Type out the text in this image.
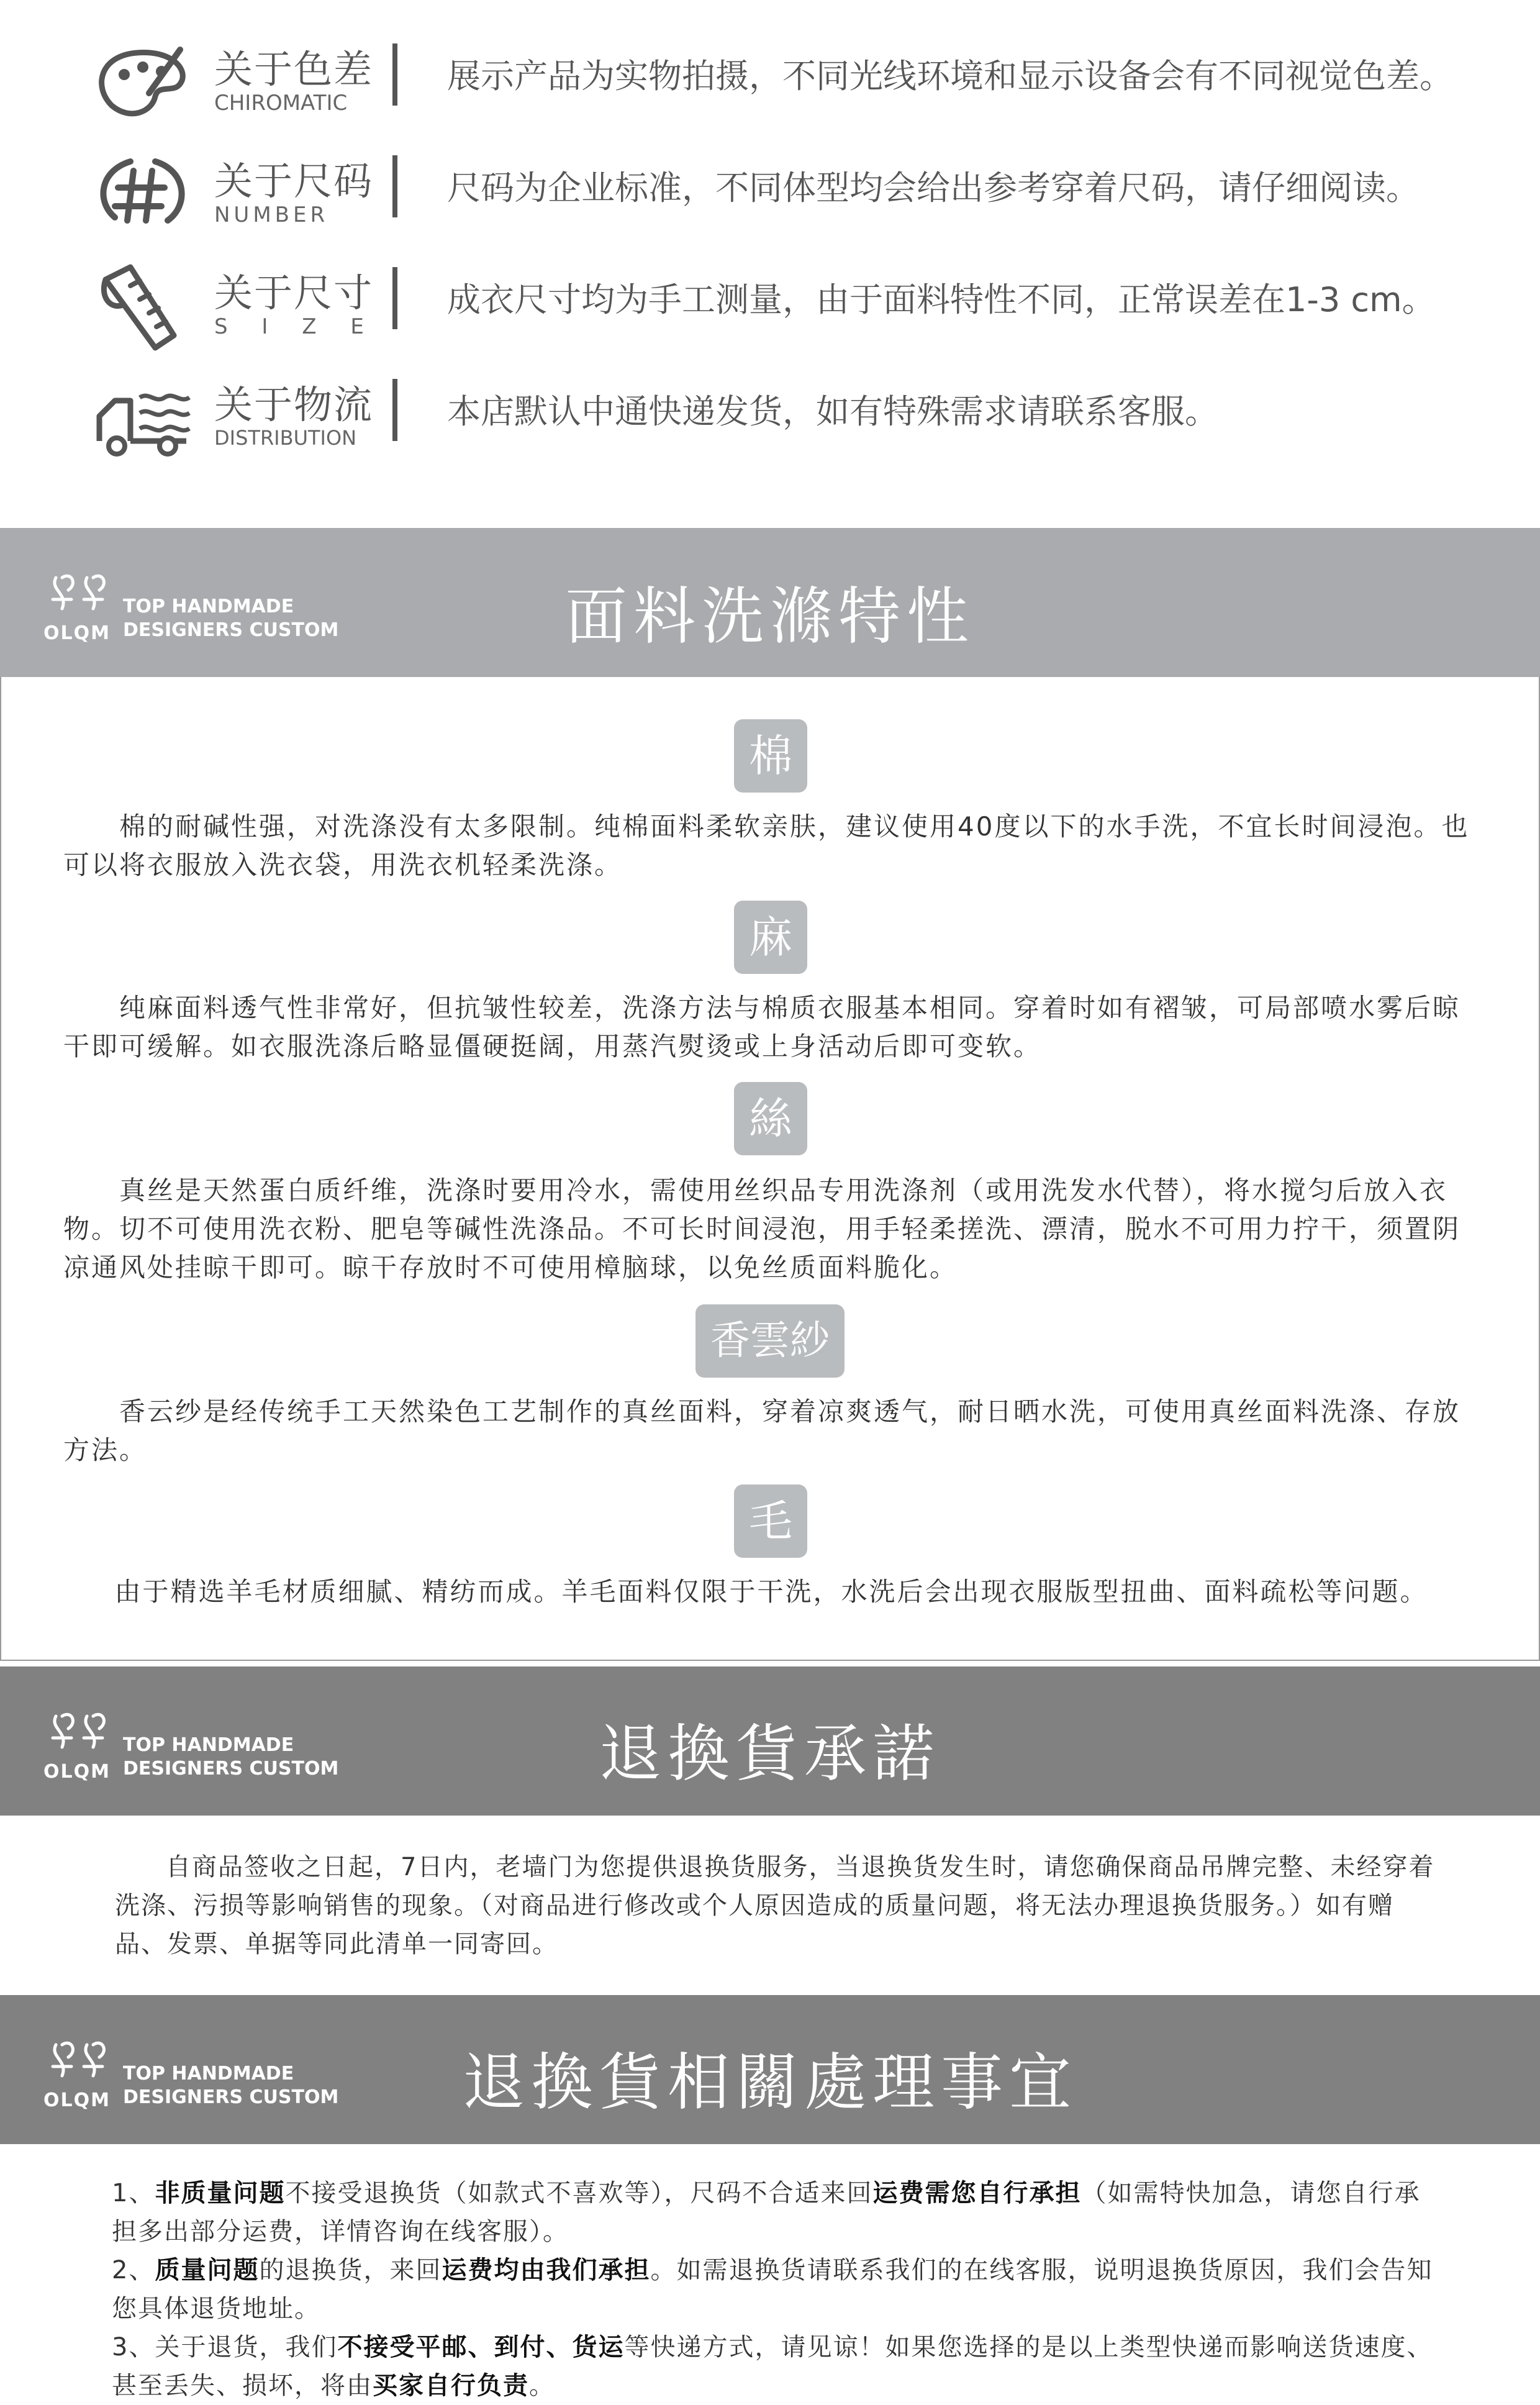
关于色差
CHIROMATIC
展示产品为实物拍摄，不同光线环境和显示设备会有不同视觉色差。
关于尺码
NUMBER
尺码为企业标准，不同体型均会给出参考穿着尺码，请仔细阅读。
关于尺寸
S I Z E
成衣尺寸均为手工测量，由于面料特性不同，正常误差在1-3 cm。
关于物流
DISTRIBUTION
本店默认中通快递发货，如有特殊需求请联系客服。
OLQM
TOP HANDMADE
DESIGNERS CUSTOM	面料洗滌特性
棉
棉的耐碱性强，对洗涤没有太多限制。纯棉面料柔软亲肤，建议使用40度以下的水手洗，不宜长时间浸泡。也可以将衣服放入洗衣袋，用洗衣机轻柔洗涤。
麻
纯麻面料透气性非常好，但抗皱性较差，洗涤方法与棉质衣服基本相同。穿着时如有褶皱，可局部喷水雾后晾干即可缓解。如衣服洗涤后略显僵硬挺阔，用蒸汽熨烫或上身活动后即可变软。
絲
真丝是天然蛋白质纤维，洗涤时要用冷水，需使用丝织品专用洗涤剂（或用洗发水代替），将水搅匀后放入衣物。切不可使用洗衣粉、肥皂等碱性洗涤品。不可长时间浸泡，用手轻柔搓洗、漂清，脱水不可用力拧干，须置阴凉通风处挂晾干即可。晾干存放时不可使用樟脑球，以免丝质面料脆化。
香雲紗
香云纱是经传统手工天然染色工艺制作的真丝面料，穿着凉爽透气，耐日晒水洗，可使用真丝面料洗涤、存放方法。
毛
由于精选羊毛材质细腻、精纺而成。羊毛面料仅限于干洗，水洗后会出现衣服版型扭曲、面料疏松等问题。
OLQM
TOP HANDMADE
DESIGNERS CUSTOM	退換貨承諾
自商品签收之日起，7日内，老墙门为您提供退换货服务，当退换货发生时，请您确保商品吊牌完整、未经穿着洗涤、污损等影响销售的现象。（对商品进行修改或个人原因造成的质量问题，将无法办理退换货服务。）如有赠品、发票、单据等同此清单一同寄回。
OLQM
TOP HANDMADE
DESIGNERS CUSTOM	退換貨相關處理事宜
1、非质量问题不接受退换货（如款式不喜欢等），尺码不合适来回运费需您自行承担（如需特快加急，请您自行承担多出部分运费，详情咨询在线客服）。
2、质量问题的退换货，来回运费均由我们承担。如需退换货请联系我们的在线客服，说明退换货原因，我们会告知您具体退货地址。
3、关于退货，我们不接受平邮、到付、货运等快递方式，请见谅！如果您选择的是以上类型快递而影响送货速度、甚至丢失、损坏，将由买家自行负责。
